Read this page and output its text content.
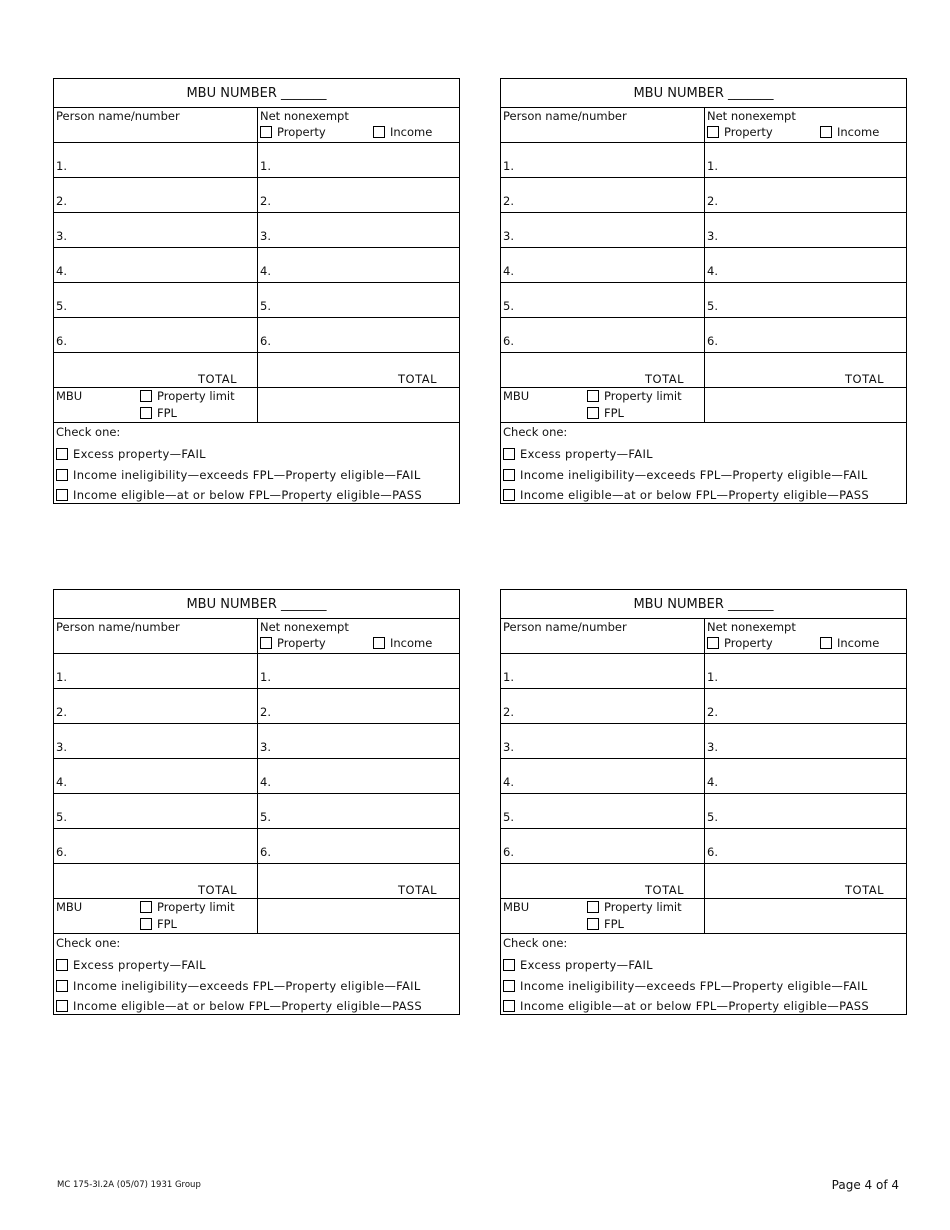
MBU NUMBER _______
Person name/number	Net nonexempt
Property	Income
1.	1.
2.	2.
3.	3.
4.	4.
5.	5.
6.	6.
TOTAL	TOTAL
MBU	Property limit
FPL
Check one:
Excess property—FAIL
Income ineligibility—exceeds FPL—Property eligible—FAIL
Income eligible—at or below FPL—Property eligible—PASS
MBU NUMBER _______
Person name/number	Net nonexempt
Property	Income
1.	1.
2.	2.
3.	3.
4.	4.
5.	5.
6.	6.
TOTAL	TOTAL
MBU	Property limit
FPL
Check one:
Excess property—FAIL
Income ineligibility—exceeds FPL—Property eligible—FAIL
Income eligible—at or below FPL—Property eligible—PASS
MBU NUMBER _______
Person name/number	Net nonexempt
Property	Income
1.	1.
2.	2.
3.	3.
4.	4.
5.	5.
6.	6.
TOTAL	TOTAL
MBU	Property limit
FPL
Check one:
Excess property—FAIL
Income ineligibility—exceeds FPL—Property eligible—FAIL
Income eligible—at or below FPL—Property eligible—PASS
MBU NUMBER _______
Person name/number	Net nonexempt
Property	Income
1.	1.
2.	2.
3.	3.
4.	4.
5.	5.
6.	6.
TOTAL	TOTAL
MBU	Property limit
FPL
Check one:
Excess property—FAIL
Income ineligibility—exceeds FPL—Property eligible—FAIL
Income eligible—at or below FPL—Property eligible—PASS
MC 175-3I.2A (05/07) 1931 Group	Page 4 of 4
